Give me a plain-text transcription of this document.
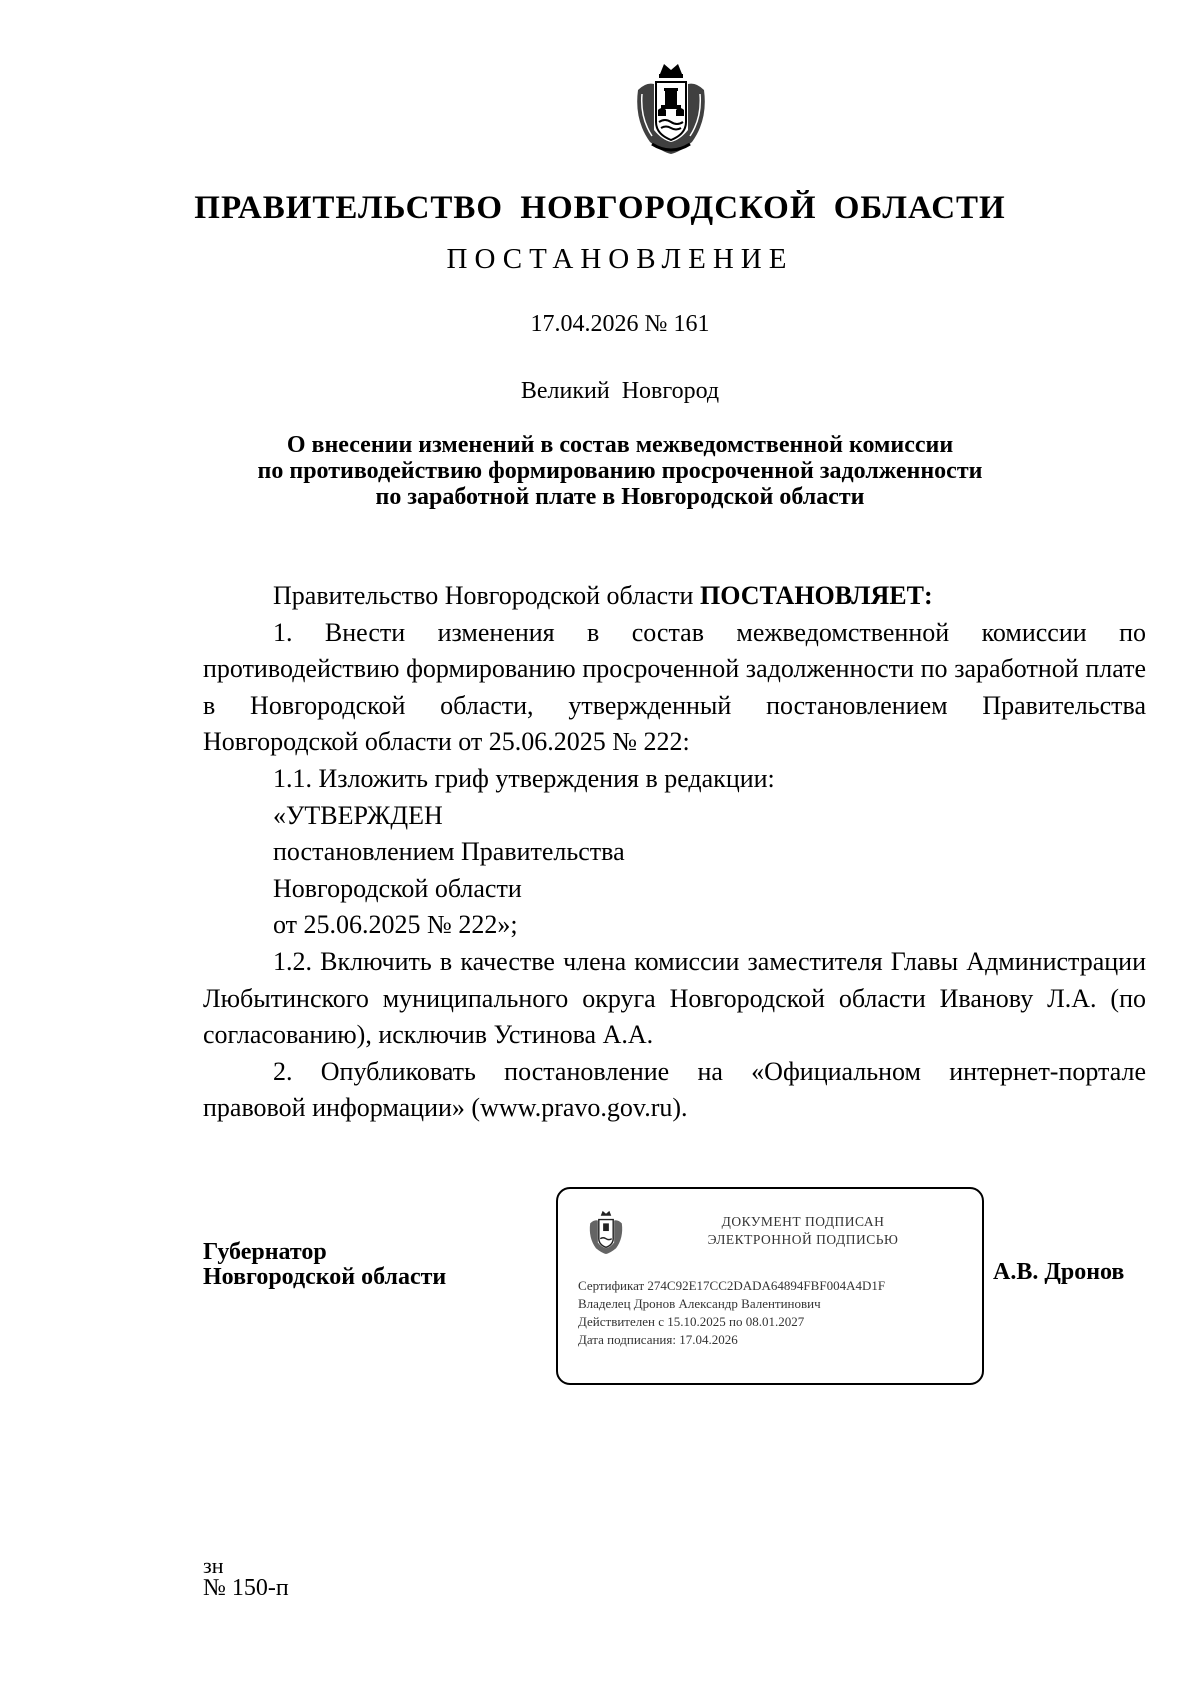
ПРАВИТЕЛЬСТВО НОВГОРОДСКОЙ ОБЛАСТИ
ПОСТАНОВЛЕНИЕ
17.04.2026 № 161
Великий Новгород
О внесении изменений в состав межведомственной комиссии
по противодействию формированию просроченной задолженности
по заработной плате в Новгородской области

Правительство Новгородской области ПОСТАНОВЛЯЕТ:

1. Внести изменения в состав межведомственной комиссии по противодействию формированию просроченной задолженности по заработной плате в Новгородской области, утвержденный постановлением Правительства Новгородской области от 25.06.2025 № 222:

1.1. Изложить гриф утверждения в редакции:

«УТВЕРЖДЕН

постановлением Правительства

Новгородской области

от 25.06.2025 № 222»;

1.2. Включить в качестве члена комиссии заместителя Главы Администрации Любытинского муниципального округа Новгородской области Иванову Л.А. (по согласованию), исключив Устинова А.А.

2. Опубликовать постановление на «Официальном интернет-портале правовой информации» (www.pravo.gov.ru).

Губернатор
Новгородской области
ДОКУМЕНТ ПОДПИСАН
ЭЛЕКТРОННОЙ ПОДПИСЬЮ
Сертификат 274C92E17CC2DADA64894FBF004A4D1F
Владелец Дронов Александр Валентинович
Действителен с 15.10.2025 по 08.01.2027
Дата подписания: 17.04.2026
А.В. Дронов
зн
№ 150-п
